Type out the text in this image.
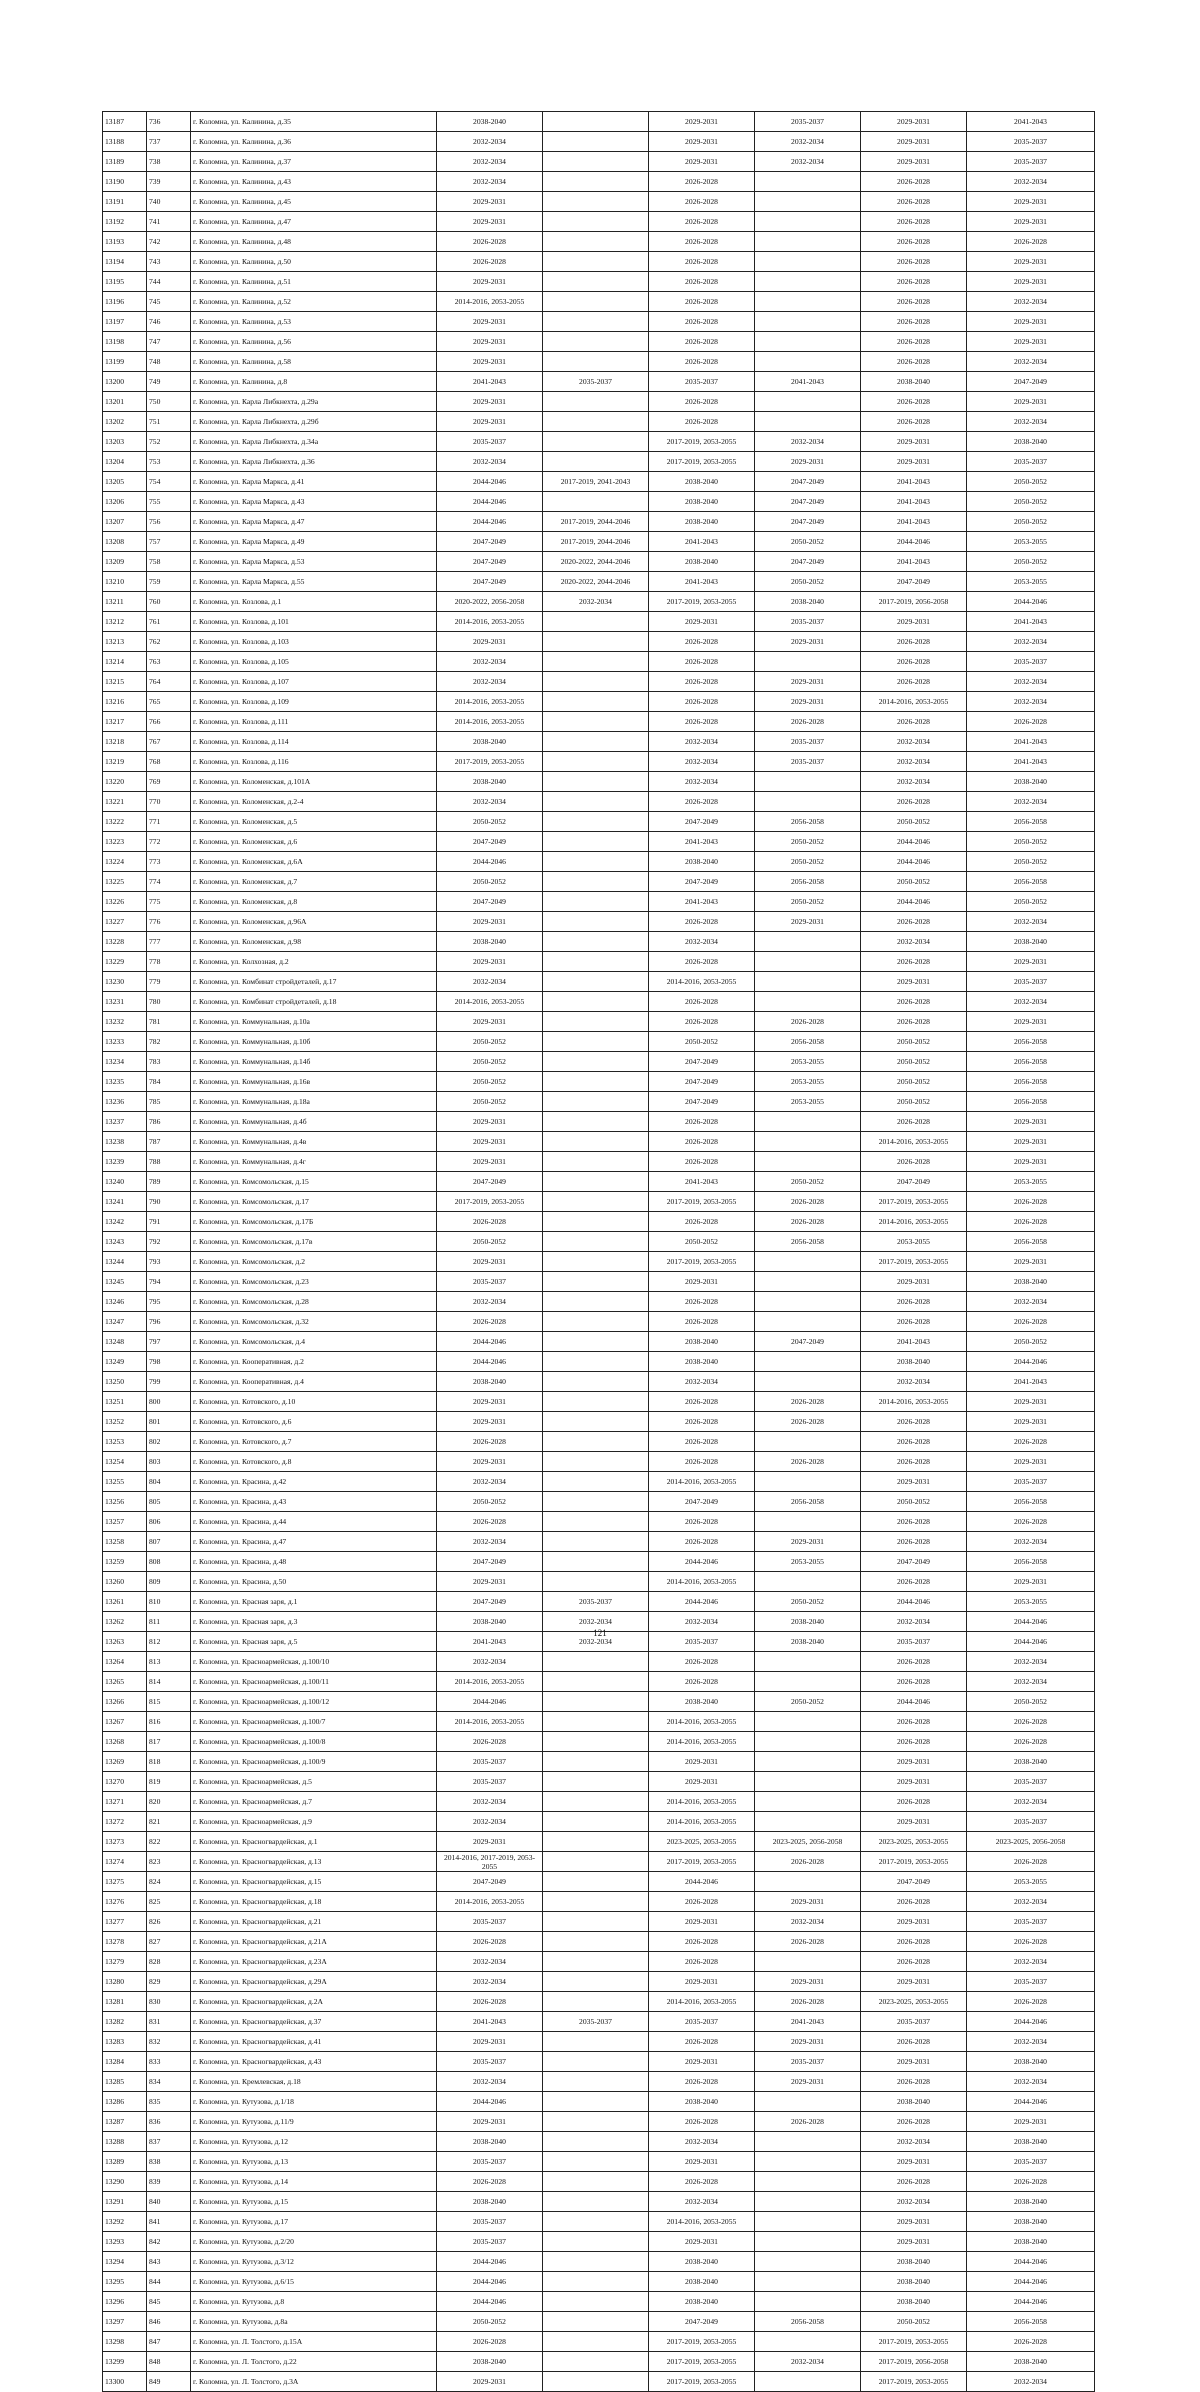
13187	736	г. Коломна, ул. Калинина, д.35	2038-2040		2029-2031	2035-2037	2029-2031	2041-2043
13188	737	г. Коломна, ул. Калинина, д.36	2032-2034		2029-2031	2032-2034	2029-2031	2035-2037
13189	738	г. Коломна, ул. Калинина, д.37	2032-2034		2029-2031	2032-2034	2029-2031	2035-2037
13190	739	г. Коломна, ул. Калинина, д.43	2032-2034		2026-2028		2026-2028	2032-2034
13191	740	г. Коломна, ул. Калинина, д.45	2029-2031		2026-2028		2026-2028	2029-2031
13192	741	г. Коломна, ул. Калинина, д.47	2029-2031		2026-2028		2026-2028	2029-2031
13193	742	г. Коломна, ул. Калинина, д.48	2026-2028		2026-2028		2026-2028	2026-2028
13194	743	г. Коломна, ул. Калинина, д.50	2026-2028		2026-2028		2026-2028	2029-2031
13195	744	г. Коломна, ул. Калинина, д.51	2029-2031		2026-2028		2026-2028	2029-2031
13196	745	г. Коломна, ул. Калинина, д.52	2014-2016, 2053-2055		2026-2028		2026-2028	2032-2034
13197	746	г. Коломна, ул. Калинина, д.53	2029-2031		2026-2028		2026-2028	2029-2031
13198	747	г. Коломна, ул. Калинина, д.56	2029-2031		2026-2028		2026-2028	2029-2031
13199	748	г. Коломна, ул. Калинина, д.58	2029-2031		2026-2028		2026-2028	2032-2034
13200	749	г. Коломна, ул. Калинина, д.8	2041-2043	2035-2037	2035-2037	2041-2043	2038-2040	2047-2049
13201	750	г. Коломна, ул. Карла Либкнехта, д.29а	2029-2031		2026-2028		2026-2028	2029-2031
13202	751	г. Коломна, ул. Карла Либкнехта, д.29б	2029-2031		2026-2028		2026-2028	2032-2034
13203	752	г. Коломна, ул. Карла Либкнехта, д.34а	2035-2037		2017-2019, 2053-2055	2032-2034	2029-2031	2038-2040
13204	753	г. Коломна, ул. Карла Либкнехта, д.36	2032-2034		2017-2019, 2053-2055	2029-2031	2029-2031	2035-2037
13205	754	г. Коломна, ул. Карла Маркса, д.41	2044-2046	2017-2019, 2041-2043	2038-2040	2047-2049	2041-2043	2050-2052
13206	755	г. Коломна, ул. Карла Маркса, д.43	2044-2046		2038-2040	2047-2049	2041-2043	2050-2052
13207	756	г. Коломна, ул. Карла Маркса, д.47	2044-2046	2017-2019, 2044-2046	2038-2040	2047-2049	2041-2043	2050-2052
13208	757	г. Коломна, ул. Карла Маркса, д.49	2047-2049	2017-2019, 2044-2046	2041-2043	2050-2052	2044-2046	2053-2055
13209	758	г. Коломна, ул. Карла Маркса, д.53	2047-2049	2020-2022, 2044-2046	2038-2040	2047-2049	2041-2043	2050-2052
13210	759	г. Коломна, ул. Карла Маркса, д.55	2047-2049	2020-2022, 2044-2046	2041-2043	2050-2052	2047-2049	2053-2055
13211	760	г. Коломна, ул. Козлова, д.1	2020-2022, 2056-2058	2032-2034	2017-2019, 2053-2055	2038-2040	2017-2019, 2056-2058	2044-2046
13212	761	г. Коломна, ул. Козлова, д.101	2014-2016, 2053-2055		2029-2031	2035-2037	2029-2031	2041-2043
13213	762	г. Коломна, ул. Козлова, д.103	2029-2031		2026-2028	2029-2031	2026-2028	2032-2034
13214	763	г. Коломна, ул. Козлова, д.105	2032-2034		2026-2028		2026-2028	2035-2037
13215	764	г. Коломна, ул. Козлова, д.107	2032-2034		2026-2028	2029-2031	2026-2028	2032-2034
13216	765	г. Коломна, ул. Козлова, д.109	2014-2016, 2053-2055		2026-2028	2029-2031	2014-2016, 2053-2055	2032-2034
13217	766	г. Коломна, ул. Козлова, д.111	2014-2016, 2053-2055		2026-2028	2026-2028	2026-2028	2026-2028
13218	767	г. Коломна, ул. Козлова, д.114	2038-2040		2032-2034	2035-2037	2032-2034	2041-2043
13219	768	г. Коломна, ул. Козлова, д.116	2017-2019, 2053-2055		2032-2034	2035-2037	2032-2034	2041-2043
13220	769	г. Коломна, ул. Коломенская, д.101А	2038-2040		2032-2034		2032-2034	2038-2040
13221	770	г. Коломна, ул. Коломенская, д.2-4	2032-2034		2026-2028		2026-2028	2032-2034
13222	771	г. Коломна, ул. Коломенская, д.5	2050-2052		2047-2049	2056-2058	2050-2052	2056-2058
13223	772	г. Коломна, ул. Коломенская, д.6	2047-2049		2041-2043	2050-2052	2044-2046	2050-2052
13224	773	г. Коломна, ул. Коломенская, д.6А	2044-2046		2038-2040	2050-2052	2044-2046	2050-2052
13225	774	г. Коломна, ул. Коломенская, д.7	2050-2052		2047-2049	2056-2058	2050-2052	2056-2058
13226	775	г. Коломна, ул. Коломенская, д.8	2047-2049		2041-2043	2050-2052	2044-2046	2050-2052
13227	776	г. Коломна, ул. Коломенская, д.96А	2029-2031		2026-2028	2029-2031	2026-2028	2032-2034
13228	777	г. Коломна, ул. Коломенская, д.98	2038-2040		2032-2034		2032-2034	2038-2040
13229	778	г. Коломна, ул. Колхозная, д.2	2029-2031		2026-2028		2026-2028	2029-2031
13230	779	г. Коломна, ул. Комбинат стройдеталей, д.17	2032-2034		2014-2016, 2053-2055		2029-2031	2035-2037
13231	780	г. Коломна, ул. Комбинат стройдеталей, д.18	2014-2016, 2053-2055		2026-2028		2026-2028	2032-2034
13232	781	г. Коломна, ул. Коммунальная, д.10а	2029-2031		2026-2028	2026-2028	2026-2028	2029-2031
13233	782	г. Коломна, ул. Коммунальная, д.10б	2050-2052		2050-2052	2056-2058	2050-2052	2056-2058
13234	783	г. Коломна, ул. Коммунальная, д.14б	2050-2052		2047-2049	2053-2055	2050-2052	2056-2058
13235	784	г. Коломна, ул. Коммунальная, д.16в	2050-2052		2047-2049	2053-2055	2050-2052	2056-2058
13236	785	г. Коломна, ул. Коммунальная, д.18а	2050-2052		2047-2049	2053-2055	2050-2052	2056-2058
13237	786	г. Коломна, ул. Коммунальная, д.4б	2029-2031		2026-2028		2026-2028	2029-2031
13238	787	г. Коломна, ул. Коммунальная, д.4в	2029-2031		2026-2028		2014-2016, 2053-2055	2029-2031
13239	788	г. Коломна, ул. Коммунальная, д.4г	2029-2031		2026-2028		2026-2028	2029-2031
13240	789	г. Коломна, ул. Комсомольская, д.15	2047-2049		2041-2043	2050-2052	2047-2049	2053-2055
13241	790	г. Коломна, ул. Комсомольская, д.17	2017-2019, 2053-2055		2017-2019, 2053-2055	2026-2028	2017-2019, 2053-2055	2026-2028
13242	791	г. Коломна, ул. Комсомольская, д.17Б	2026-2028		2026-2028	2026-2028	2014-2016, 2053-2055	2026-2028
13243	792	г. Коломна, ул. Комсомольская, д.17в	2050-2052		2050-2052	2056-2058	2053-2055	2056-2058
13244	793	г. Коломна, ул. Комсомольская, д.2	2029-2031		2017-2019, 2053-2055		2017-2019, 2053-2055	2029-2031
13245	794	г. Коломна, ул. Комсомольская, д.23	2035-2037		2029-2031		2029-2031	2038-2040
13246	795	г. Коломна, ул. Комсомольская, д.28	2032-2034		2026-2028		2026-2028	2032-2034
13247	796	г. Коломна, ул. Комсомольская, д.32	2026-2028		2026-2028		2026-2028	2026-2028
13248	797	г. Коломна, ул. Комсомольская, д.4	2044-2046		2038-2040	2047-2049	2041-2043	2050-2052
13249	798	г. Коломна, ул. Кооперативная, д.2	2044-2046		2038-2040		2038-2040	2044-2046
13250	799	г. Коломна, ул. Кооперативная, д.4	2038-2040		2032-2034		2032-2034	2041-2043
13251	800	г. Коломна, ул. Котовского, д.10	2029-2031		2026-2028	2026-2028	2014-2016, 2053-2055	2029-2031
13252	801	г. Коломна, ул. Котовского, д.6	2029-2031		2026-2028	2026-2028	2026-2028	2029-2031
13253	802	г. Коломна, ул. Котовского, д.7	2026-2028		2026-2028		2026-2028	2026-2028
13254	803	г. Коломна, ул. Котовского, д.8	2029-2031		2026-2028	2026-2028	2026-2028	2029-2031
13255	804	г. Коломна, ул. Красина, д.42	2032-2034		2014-2016, 2053-2055		2029-2031	2035-2037
13256	805	г. Коломна, ул. Красина, д.43	2050-2052		2047-2049	2056-2058	2050-2052	2056-2058
13257	806	г. Коломна, ул. Красина, д.44	2026-2028		2026-2028		2026-2028	2026-2028
13258	807	г. Коломна, ул. Красина, д.47	2032-2034		2026-2028	2029-2031	2026-2028	2032-2034
13259	808	г. Коломна, ул. Красина, д.48	2047-2049		2044-2046	2053-2055	2047-2049	2056-2058
13260	809	г. Коломна, ул. Красина, д.50	2029-2031		2014-2016, 2053-2055		2026-2028	2029-2031
13261	810	г. Коломна, ул. Красная заря, д.1	2047-2049	2035-2037	2044-2046	2050-2052	2044-2046	2053-2055
13262	811	г. Коломна, ул. Красная заря, д.3	2038-2040	2032-2034	2032-2034	2038-2040	2032-2034	2044-2046
13263	812	г. Коломна, ул. Красная заря, д.5	2041-2043	2032-2034	2035-2037	2038-2040	2035-2037	2044-2046
13264	813	г. Коломна, ул. Красноармейская, д.100/10	2032-2034		2026-2028		2026-2028	2032-2034
13265	814	г. Коломна, ул. Красноармейская, д.100/11	2014-2016, 2053-2055		2026-2028		2026-2028	2032-2034
13266	815	г. Коломна, ул. Красноармейская, д.100/12	2044-2046		2038-2040	2050-2052	2044-2046	2050-2052
13267	816	г. Коломна, ул. Красноармейская, д.100/7	2014-2016, 2053-2055		2014-2016, 2053-2055		2026-2028	2026-2028
13268	817	г. Коломна, ул. Красноармейская, д.100/8	2026-2028		2014-2016, 2053-2055		2026-2028	2026-2028
13269	818	г. Коломна, ул. Красноармейская, д.100/9	2035-2037		2029-2031		2029-2031	2038-2040
13270	819	г. Коломна, ул. Красноармейская, д.5	2035-2037		2029-2031		2029-2031	2035-2037
13271	820	г. Коломна, ул. Красноармейская, д.7	2032-2034		2014-2016, 2053-2055		2026-2028	2032-2034
13272	821	г. Коломна, ул. Красноармейская, д.9	2032-2034		2014-2016, 2053-2055		2029-2031	2035-2037
13273	822	г. Коломна, ул. Красногвардейская, д.1	2029-2031		2023-2025, 2053-2055	2023-2025, 2056-2058	2023-2025, 2053-2055	2023-2025, 2056-2058
13274	823	г. Коломна, ул. Красногвардейская, д.13	2014-2016, 2017-2019, 2053-2055		2017-2019, 2053-2055	2026-2028	2017-2019, 2053-2055	2026-2028
13275	824	г. Коломна, ул. Красногвардейская, д.15	2047-2049		2044-2046		2047-2049	2053-2055
13276	825	г. Коломна, ул. Красногвардейская, д.18	2014-2016, 2053-2055		2026-2028	2029-2031	2026-2028	2032-2034
13277	826	г. Коломна, ул. Красногвардейская, д.21	2035-2037		2029-2031	2032-2034	2029-2031	2035-2037
13278	827	г. Коломна, ул. Красногвардейская, д.21А	2026-2028		2026-2028	2026-2028	2026-2028	2026-2028
13279	828	г. Коломна, ул. Красногвардейская, д.23А	2032-2034		2026-2028		2026-2028	2032-2034
13280	829	г. Коломна, ул. Красногвардейская, д.29А	2032-2034		2029-2031	2029-2031	2029-2031	2035-2037
13281	830	г. Коломна, ул. Красногвардейская, д.2А	2026-2028		2014-2016, 2053-2055	2026-2028	2023-2025, 2053-2055	2026-2028
13282	831	г. Коломна, ул. Красногвардейская, д.37	2041-2043	2035-2037	2035-2037	2041-2043	2035-2037	2044-2046
13283	832	г. Коломна, ул. Красногвардейская, д.41	2029-2031		2026-2028	2029-2031	2026-2028	2032-2034
13284	833	г. Коломна, ул. Красногвардейская, д.43	2035-2037		2029-2031	2035-2037	2029-2031	2038-2040
13285	834	г. Коломна, ул. Кремлевская, д.18	2032-2034		2026-2028	2029-2031	2026-2028	2032-2034
13286	835	г. Коломна, ул. Кутузова, д.1/18	2044-2046		2038-2040		2038-2040	2044-2046
13287	836	г. Коломна, ул. Кутузова, д.11/9	2029-2031		2026-2028	2026-2028	2026-2028	2029-2031
13288	837	г. Коломна, ул. Кутузова, д.12	2038-2040		2032-2034		2032-2034	2038-2040
13289	838	г. Коломна, ул. Кутузова, д.13	2035-2037		2029-2031		2029-2031	2035-2037
13290	839	г. Коломна, ул. Кутузова, д.14	2026-2028		2026-2028		2026-2028	2026-2028
13291	840	г. Коломна, ул. Кутузова, д.15	2038-2040		2032-2034		2032-2034	2038-2040
13292	841	г. Коломна, ул. Кутузова, д.17	2035-2037		2014-2016, 2053-2055		2029-2031	2038-2040
13293	842	г. Коломна, ул. Кутузова, д.2/20	2035-2037		2029-2031		2029-2031	2038-2040
13294	843	г. Коломна, ул. Кутузова, д.3/12	2044-2046		2038-2040		2038-2040	2044-2046
13295	844	г. Коломна, ул. Кутузова, д.6/15	2044-2046		2038-2040		2038-2040	2044-2046
13296	845	г. Коломна, ул. Кутузова, д.8	2044-2046		2038-2040		2038-2040	2044-2046
13297	846	г. Коломна, ул. Кутузова, д.8а	2050-2052		2047-2049	2056-2058	2050-2052	2056-2058
13298	847	г. Коломна, ул. Л. Толстого, д.15А	2026-2028		2017-2019, 2053-2055		2017-2019, 2053-2055	2026-2028
13299	848	г. Коломна, ул. Л. Толстого, д.22	2038-2040		2017-2019, 2053-2055	2032-2034	2017-2019, 2056-2058	2038-2040
13300	849	г. Коломна, ул. Л. Толстого, д.3А	2029-2031		2017-2019, 2053-2055		2017-2019, 2053-2055	2032-2034
121
